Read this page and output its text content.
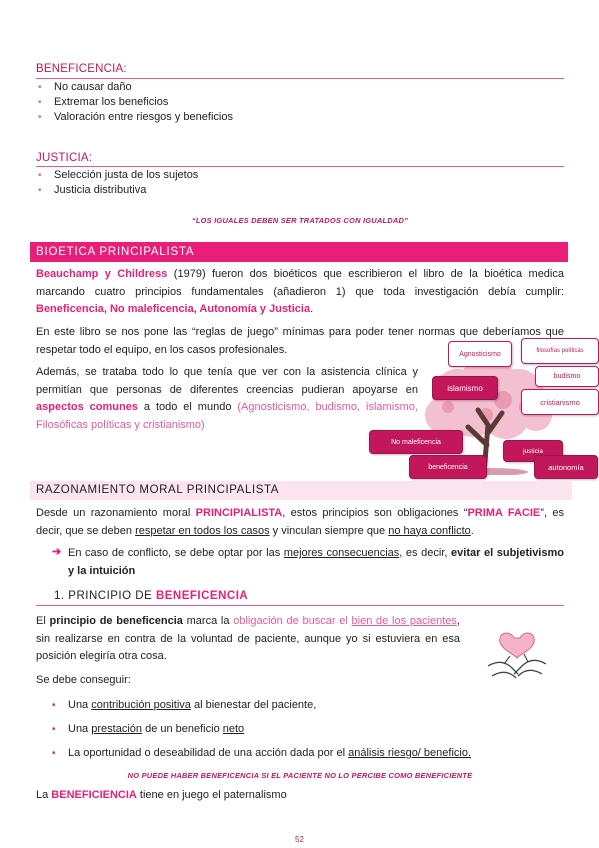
BENEFICENCIA:
• No causar daño
• Extremar los beneficios
• Valoración entre riesgos y beneficios
JUSTICIA:
• Selección justa de los sujetos
• Justicia distributiva
“LOS IGUALES DEBEN SER TRATADOS CON IGUALDAD”
BIOETICA PRINCIPALISTA
Beauchamp y Childress (1979) fueron dos bioéticos que escribieron el libro de la bioética medica marcando cuatro principios fundamentales (añadieron 1) que toda investigación debía cumplir: Beneficencia, No maleficencia, Autonomía y Justicia.
En este libro se nos pone las “reglas de juego” mínimas para poder tener normas que deberíamos que respetar todo el equipo, en los casos profesionales.
Además, se trataba todo lo que tenía que ver con la asistencia clínica y permitían que personas de diferentes creencias pudieran apoyarse en aspectos comunes a todo el mundo (Agnosticismo, budismo, islamismo, Filosóficas políticas y cristianismo)
Agnosticismo	filosofías políticas
budismo
islamismo
cristianismo
No maleficencia
justicia
beneficencia	autonomía
RAZONAMIENTO MORAL PRINCIPALISTA
Desde un razonamiento moral PRINCIPIALISTA, estos principios son obligaciones “PRIMA FACIE”, es decir, que se deben respetar en todos los casos y vinculan siempre que no haya conflicto.
➔ En caso de conflicto, se debe optar por las mejores consecuencias, es decir, evitar el subjetivismo y la intuición
1. PRINCIPIO DE BENEFICENCIA
El principio de beneficencia marca la obligación de buscar el bien de los pacientes, sin realizarse en contra de la voluntad de paciente, aunque yo si estuviera en esa posición elegiría otra cosa.
Se debe conseguir:
• Una contribución positiva al bienestar del paciente,
• Una prestación de un beneficio neto
• La oportunidad o deseabilidad de una acción dada por el análisis riesgo/ beneficio.
NO PUEDE HABER BENEFICENCIA SI EL PACIENTE NO LO PERCIBE COMO BENEFICIENTE
La BENEFICIENCIA tiene en juego el paternalismo
52
